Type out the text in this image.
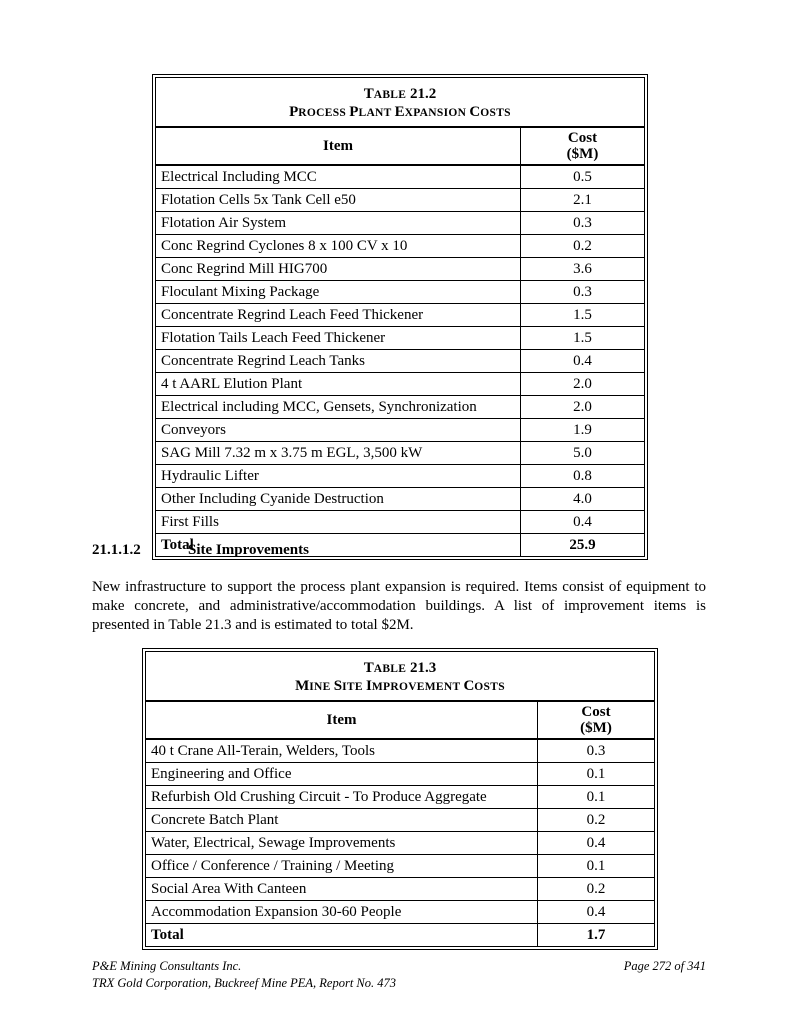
TABLE 21.2
PROCESS PLANT EXPANSION COSTS	

Item	Cost
($M)

Electrical Including MCC	0.5
Flotation Cells 5x Tank Cell e50	2.1
Flotation Air System	0.3
Conc Regrind Cyclones 8 x 100 CV x 10	0.2
Conc Regrind Mill HIG700	3.6
Floculant Mixing Package	0.3
Concentrate Regrind Leach Feed Thickener	1.5
Flotation Tails Leach Feed Thickener	1.5
Concentrate Regrind Leach Tanks	0.4
4 t AARL Elution Plant	2.0
Electrical including MCC, Gensets, Synchronization	2.0
Conveyors	1.9
SAG Mill 7.32 m x 3.75 m EGL, 3,500 kW	5.0
Hydraulic Lifter	0.8
Other Including Cyanide Destruction	4.0
First Fills	0.4
Total	25.9
21.1.1.2	Site Improvements
New infrastructure to support the process plant expansion is required. Items consist of equipment to make concrete, and administrative/accommodation buildings. A list of improvement items is presented in Table 21.3 and is estimated to total $2M.
TABLE 21.3
MINE SITE IMPROVEMENT COSTS	

Item	Cost
($M)

40 t Crane All-Terain, Welders, Tools	0.3
Engineering and Office	0.1
Refurbish Old Crushing Circuit - To Produce Aggregate	0.1
Concrete Batch Plant	0.2
Water, Electrical, Sewage Improvements	0.4
Office / Conference / Training / Meeting	0.1
Social Area With Canteen	0.2
Accommodation Expansion 30-60 People	0.4
Total	1.7
P&E Mining Consultants Inc.
TRX Gold Corporation, Buckreef Mine PEA, Report No. 473
Page 272 of 341
